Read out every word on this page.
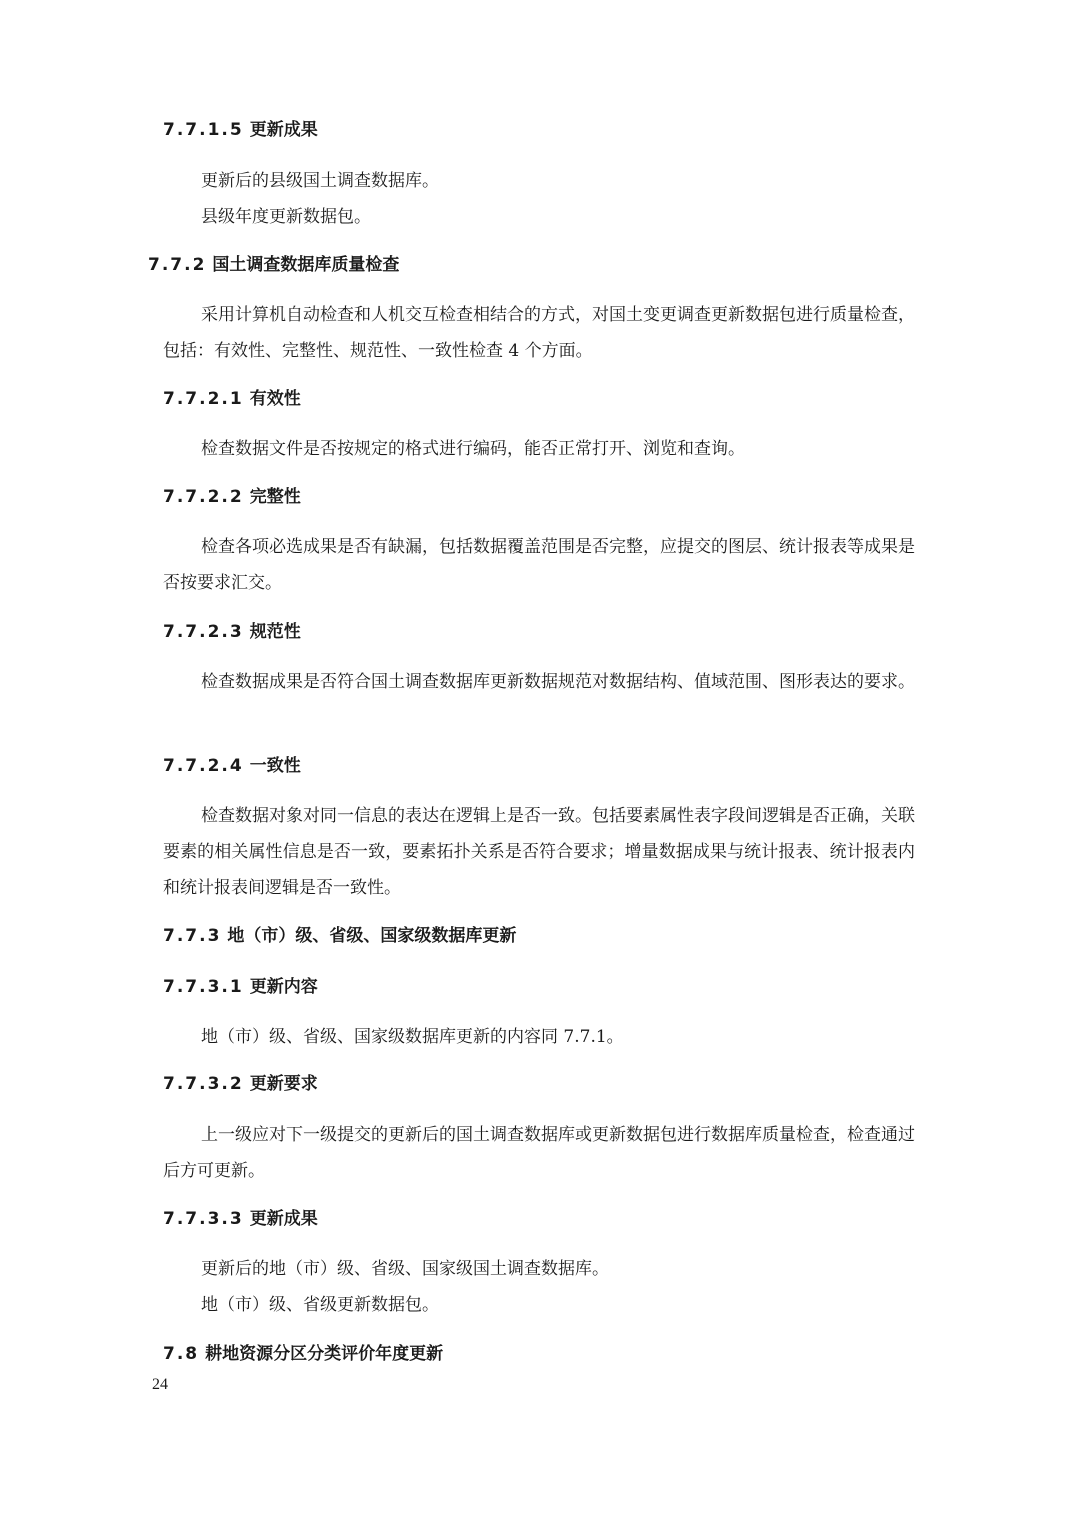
7.7.1.5 更新成果
更新后的县级国土调查数据库。
县级年度更新数据包。
7.7.2 国土调查数据库质量检查
采用计算机自动检查和人机交互检查相结合的方式，对国土变更调查更新数据包进行质量检查，包括：有效性、完整性、规范性、一致性检查 4 个方面。
7.7.2.1 有效性
检查数据文件是否按规定的格式进行编码，能否正常打开、浏览和查询。
7.7.2.2 完整性
检查各项必选成果是否有缺漏，包括数据覆盖范围是否完整，应提交的图层、统计报表等成果是否按要求汇交。
7.7.2.3 规范性
检查数据成果是否符合国土调查数据库更新数据规范对数据结构、值域范围、图形表达的要求。
7.7.2.4 一致性
检查数据对象对同一信息的表达在逻辑上是否一致。包括要素属性表字段间逻辑是否正确，关联要素的相关属性信息是否一致，要素拓扑关系是否符合要求；增量数据成果与统计报表、统计报表内和统计报表间逻辑是否一致性。
7.7.3 地（市）级、省级、国家级数据库更新
7.7.3.1 更新内容
地（市）级、省级、国家级数据库更新的内容同 7.7.1。
7.7.3.2 更新要求
上一级应对下一级提交的更新后的国土调查数据库或更新数据包进行数据库质量检查，检查通过后方可更新。
7.7.3.3 更新成果
更新后的地（市）级、省级、国家级国土调查数据库。
地（市）级、省级更新数据包。
7.8 耕地资源分区分类评价年度更新
24
